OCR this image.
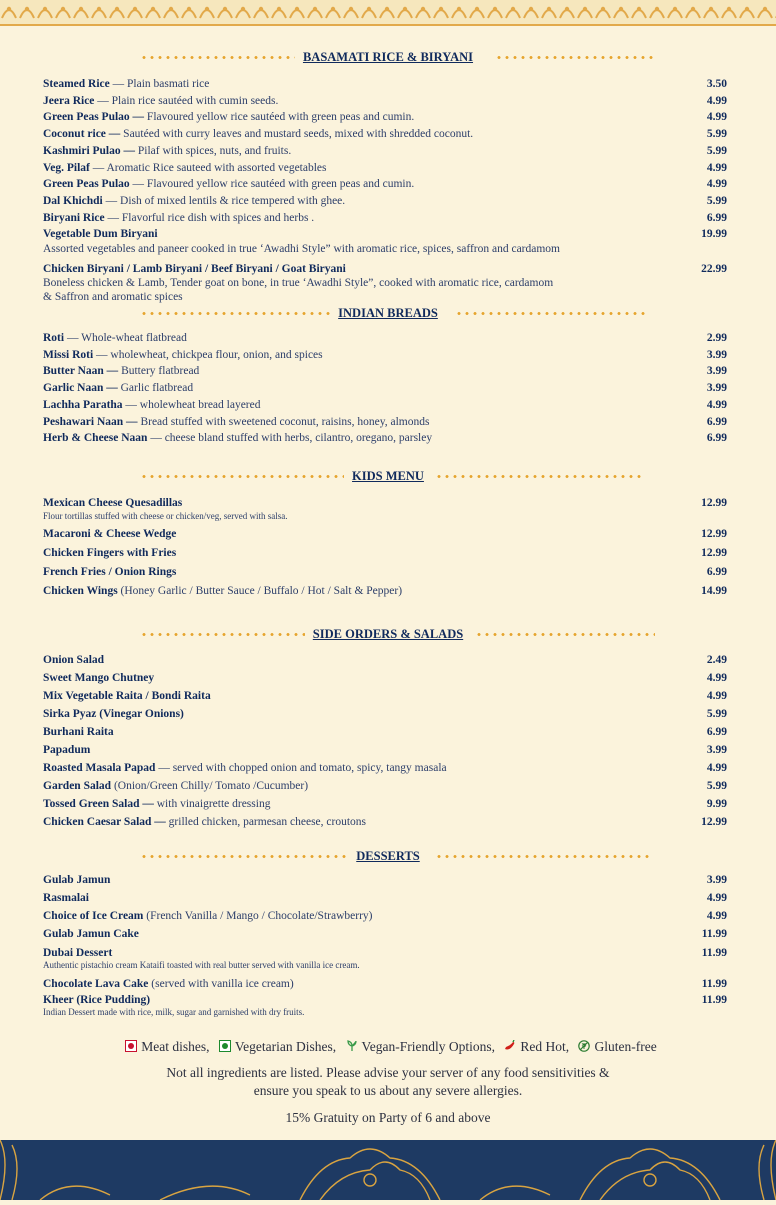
BASAMATI RICE & BIRYANI
Steamed Rice — Plain basmati rice	3.50
Jeera Rice — Plain rice sautéed with cumin seeds.	4.99
Green Peas Pulao — Flavoured yellow rice sautéed with green peas and cumin.	4.99
Coconut rice — Sautéed with curry leaves and mustard seeds, mixed with shredded coconut.	5.99
Kashmiri Pulao — Pilaf with spices, nuts, and fruits.	5.99
Veg. Pilaf — Aromatic Rice sauteed with assorted vegetables	4.99
Green Peas Pulao — Flavoured yellow rice sautéed with green peas and cumin.	4.99
Dal Khichdi — Dish of mixed lentils & rice tempered with ghee.	5.99
Biryani Rice — Flavorful rice dish with spices and herbs .	6.99
Vegetable Dum Biryani	19.99
Assorted vegetables and paneer cooked in true ‘Awadhi Style” with aromatic rice, spices, saffron and cardamom
Chicken Biryani / Lamb Biryani / Beef Biryani / Goat Biryani	22.99
Boneless chicken & Lamb, Tender goat on bone, in true ‘Awadhi Style”, cooked with aromatic rice, cardamom
& Saffron and aromatic spices
INDIAN BREADS
Roti — Whole-wheat flatbread	2.99
Missi Roti — wholewheat, chickpea flour, onion, and spices	3.99
Butter Naan — Buttery flatbread	3.99
Garlic Naan — Garlic flatbread	3.99
Lachha Paratha — wholewheat bread layered	4.99
Peshawari Naan — Bread stuffed with sweetened coconut, raisins, honey, almonds	6.99
Herb & Cheese Naan — cheese bland stuffed with herbs, cilantro, oregano, parsley	6.99
KIDS MENU
Mexican Cheese Quesadillas	12.99
Flour tortillas stuffed with cheese or chicken/veg, served with salsa.
Macaroni & Cheese Wedge	12.99
Chicken Fingers with Fries	12.99
French Fries / Onion Rings	6.99
Chicken Wings (Honey Garlic / Butter Sauce / Buffalo / Hot / Salt & Pepper)	14.99
SIDE ORDERS & SALADS
Onion Salad	2.49
Sweet Mango Chutney	4.99
Mix Vegetable Raita / Bondi Raita	4.99
Sirka Pyaz (Vinegar Onions)	5.99
Burhani Raita	6.99
Papadum	3.99
Roasted Masala Papad — served with chopped onion and tomato, spicy, tangy masala	4.99
Garden Salad (Onion/Green Chilly/ Tomato /Cucumber)	5.99
Tossed Green Salad — with vinaigrette dressing	9.99
Chicken Caesar Salad — grilled chicken, parmesan cheese, croutons	12.99
DESSERTS
Gulab Jamun	3.99
Rasmalai	4.99
Choice of Ice Cream (French Vanilla / Mango / Chocolate/Strawberry)	4.99
Gulab Jamun Cake	11.99
Dubai Dessert	11.99
Authentic pistachio cream Kataifi toasted with real butter served with vanilla ice cream.
Chocolate Lava Cake (served with vanilla ice cream)	11.99
Kheer (Rice Pudding)	11.99
Indian Dessert made with rice, milk, sugar and garnished with dry fruits.
Meat dishes, Vegetarian Dishes, Vegan-Friendly Options, Red Hot, Gluten-free
Not all ingredients are listed. Please advise your server of any food sensitivities &
ensure you speak to us about any severe allergies.
15% Gratuity on Party of 6 and above
